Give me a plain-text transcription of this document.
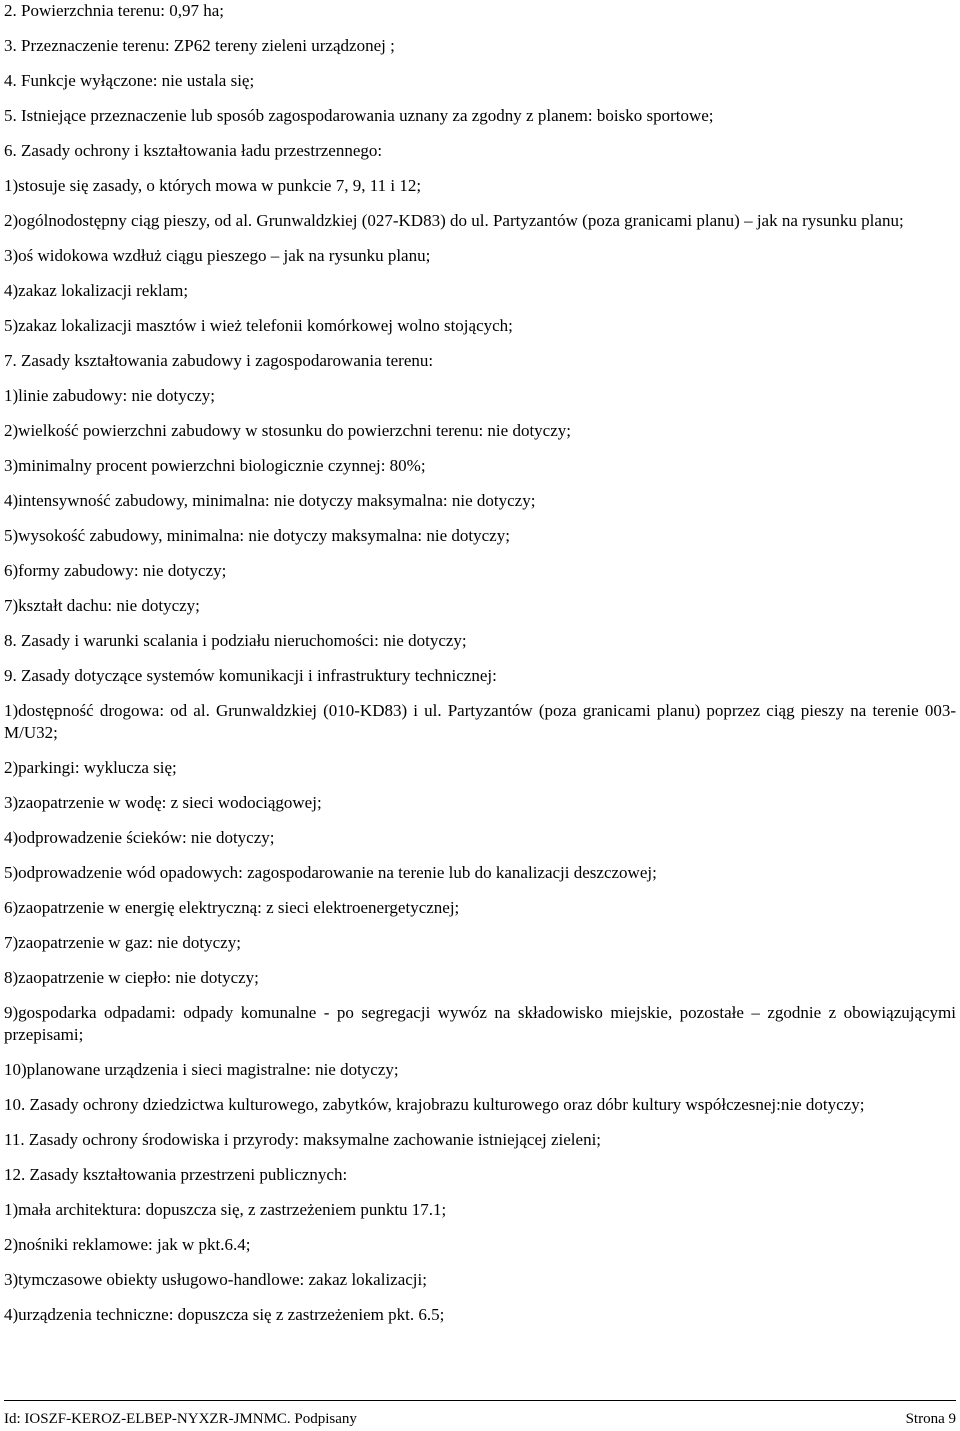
2. Powierzchnia terenu: 0,97 ha;

3. Przeznaczenie terenu: ZP62 tereny zieleni urządzonej ;

4. Funkcje wyłączone: nie ustala się;

5. Istniejące przeznaczenie lub sposób zagospodarowania uznany za zgodny z planem: boisko sportowe;

6. Zasady ochrony i kształtowania ładu przestrzennego:

1)stosuje się zasady, o których mowa w punkcie 7, 9, 11 i 12;

2)ogólnodostępny ciąg pieszy, od al. Grunwaldzkiej (027-KD83) do ul. Partyzantów (poza granicami planu) – jak na rysunku planu;

3)oś widokowa wzdłuż ciągu pieszego – jak na rysunku planu;

4)zakaz lokalizacji reklam;

5)zakaz lokalizacji masztów i wież telefonii komórkowej wolno stojących;

7. Zasady kształtowania zabudowy i zagospodarowania terenu:

1)linie zabudowy: nie dotyczy;

2)wielkość powierzchni zabudowy w stosunku do powierzchni terenu: nie dotyczy;

3)minimalny procent powierzchni biologicznie czynnej: 80%;

4)intensywność zabudowy, minimalna: nie dotyczy maksymalna: nie dotyczy;

5)wysokość zabudowy, minimalna: nie dotyczy maksymalna: nie dotyczy;

6)formy zabudowy: nie dotyczy;

7)kształt dachu: nie dotyczy;

8. Zasady i warunki scalania i podziału nieruchomości: nie dotyczy;

9. Zasady dotyczące systemów komunikacji i infrastruktury technicznej:

1)dostępność drogowa: od al. Grunwaldzkiej (010-KD83) i ul. Partyzantów (poza granicami planu) poprzez ciąg pieszy na terenie 003-M/U32;

2)parkingi: wyklucza się;

3)zaopatrzenie w wodę: z sieci wodociągowej;

4)odprowadzenie ścieków: nie dotyczy;

5)odprowadzenie wód opadowych: zagospodarowanie na terenie lub do kanalizacji deszczowej;

6)zaopatrzenie w energię elektryczną: z sieci elektroenergetycznej;

7)zaopatrzenie w gaz: nie dotyczy;

8)zaopatrzenie w ciepło: nie dotyczy;

9)gospodarka odpadami: odpady komunalne - po segregacji wywóz na składowisko miejskie, pozostałe – zgodnie z obowiązującymi przepisami;

10)planowane urządzenia i sieci magistralne: nie dotyczy;

10. Zasady ochrony dziedzictwa kulturowego, zabytków, krajobrazu kulturowego oraz dóbr kultury współczesnej:nie dotyczy;

11. Zasady ochrony środowiska i przyrody: maksymalne zachowanie istniejącej zieleni;

12. Zasady kształtowania przestrzeni publicznych:

1)mała architektura: dopuszcza się, z zastrzeżeniem punktu 17.1;

2)nośniki reklamowe: jak w pkt.6.4;

3)tymczasowe obiekty usługowo-handlowe: zakaz lokalizacji;

4)urządzenia techniczne: dopuszcza się z zastrzeżeniem pkt. 6.5;

Id: IOSZF-KEROZ-ELBEP-NYXZR-JMNMC. Podpisany	Strona 9
